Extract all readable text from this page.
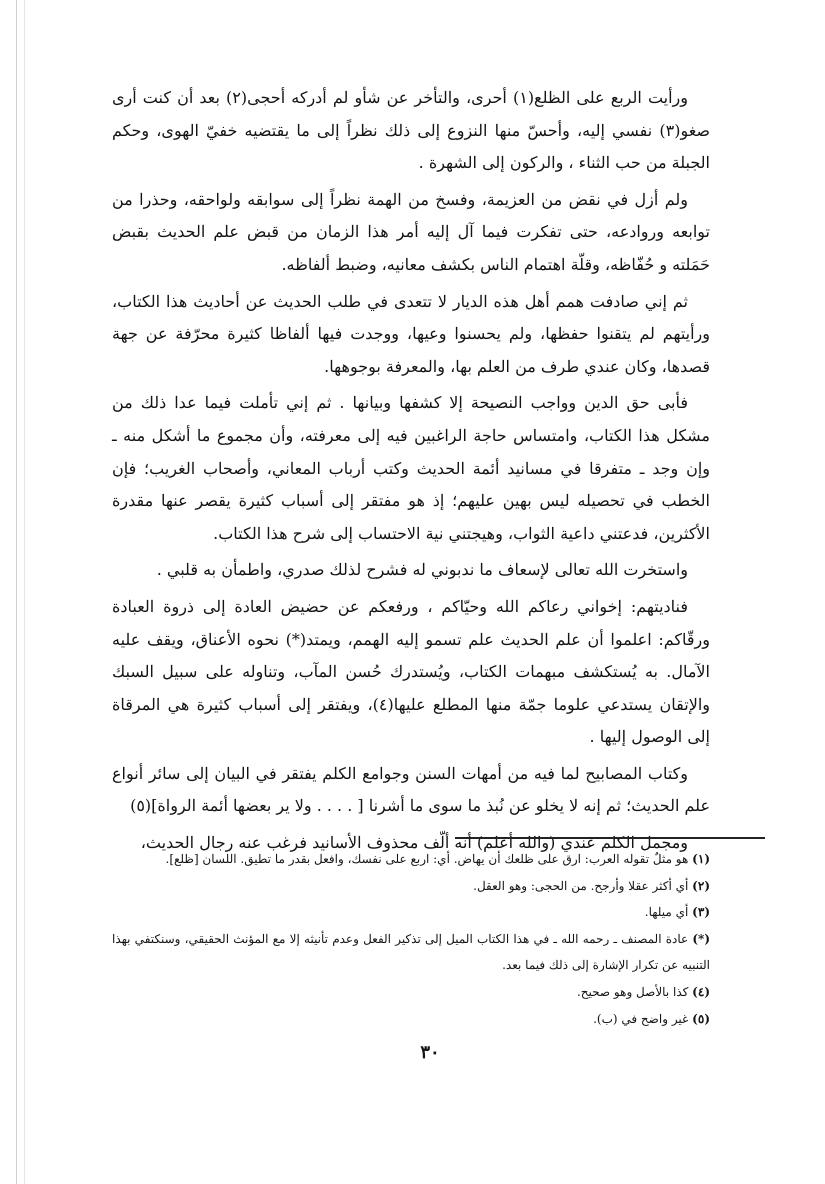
ورأيت الربع على الظلع(١) أحرى، والتأخر عن شأو لم أدركه أحجى(٢) بعد أن كنت أرى صغو(٣) نفسي إليه، وأحسّ منها النزوع إلى ذلك نظراً إلى ما يقتضيه خفيّ الهوى، وحكم الجبلة من حب الثناء ، والركون إلى الشهرة .

ولم أزل في نقض من العزيمة، وفسخ من الهمة نظراً إلى سوابقه ولواحقه، وحذرا من توابعه وروادعه، حتى تفكرت فيما آل إليه أمر هذا الزمان من قبض علم الحديث بقبض حَمَلته و حُفّاظه، وقلّة اهتمام الناس بكشف معانيه، وضبط ألفاظه.

ثم إني صادفت همم أهل هذه الديار لا تتعدى في طلب الحديث عن أحاديث هذا الكتاب، ورأيتهم لم يتقنوا حفظها، ولم يحسنوا وعيها، ووجدت فيها ألفاظا كثيرة محرّفة عن جهة قصدها، وكان عندي طرف من العلم بها، والمعرفة بوجوهها.

فأبى حق الدين وواجب النصيحة إلا كشفها وبيانها . ثم إني تأملت فيما عدا ذلك من مشكل هذا الكتاب، وامتساس حاجة الراغبين فيه إلى معرفته، وأن مجموع ما أشكل منه ـ وإن وجد ـ متفرقا في مسانيد أئمة الحديث وكتب أرباب المعاني، وأصحاب الغريب؛ فإن الخطب في تحصيله ليس بهين عليهم؛ إذ هو مفتقر إلى أسباب كثيرة يقصر عنها مقدرة الأكثرين، فدعتني داعية الثواب، وهيجتني نية الاحتساب إلى شرح هذا الكتاب.

واستخرت الله تعالى لإسعاف ما ندبوني له فشرح لذلك صدري، واطمأن به قلبي .

فناديتهم: إخواني رعاكم الله وحيّاكم ، ورفعكم عن حضيض العادة إلى ذروة العبادة ورقّاكم: اعلموا أن علم الحديث علم تسمو إليه الهمم، ويمتد(*) نحوه الأعناق، ويقف عليه الآمال. به يُستكشف مبهمات الكتاب، ويُستدرك حُسن المآب، وتناوله على سبيل السبك والإتقان يستدعي علوما جمّة منها المطلع عليها(٤)، ويفتقر إلى أسباب كثيرة هي المرقاة إلى الوصول إليها .

وكتاب المصابيح لما فيه من أمهات السنن وجوامع الكلم يفتقر في البيان إلى سائر أنواع علم الحديث؛ ثم إنه لا يخلو عن نُبذ ما سوى ما أشرنا [ . . . . ولا ير بعضها أئمة الرواة](٥)

ومجمل الكلم عندي (والله أعلم) أنه ألّف محذوف الأسانيد فرغب عنه رجال الحديث،

(١) هو مثلٌ تقوله العرب: ارق على ظلعك أن يهاض. أي: اربع على نفسك، وافعل بقدر ما تطيق. اللسان [ظلع].

(٢) أي أكثر عقلا وأرجح. من الحجى: وهو العقل.

(٣) أي ميلها.

(*) عادة المصنف ـ رحمه الله ـ في هذا الكتاب الميل إلى تذكير الفعل وعدم تأنيثه إلا مع المؤنث الحقيقي، وسنكتفي بهذا التنبيه عن تكرار الإشارة إلى ذلك فيما بعد.

(٤) كذا بالأصل وهو صحيح.

(٥) غير واضح في (ب).

٣٠
